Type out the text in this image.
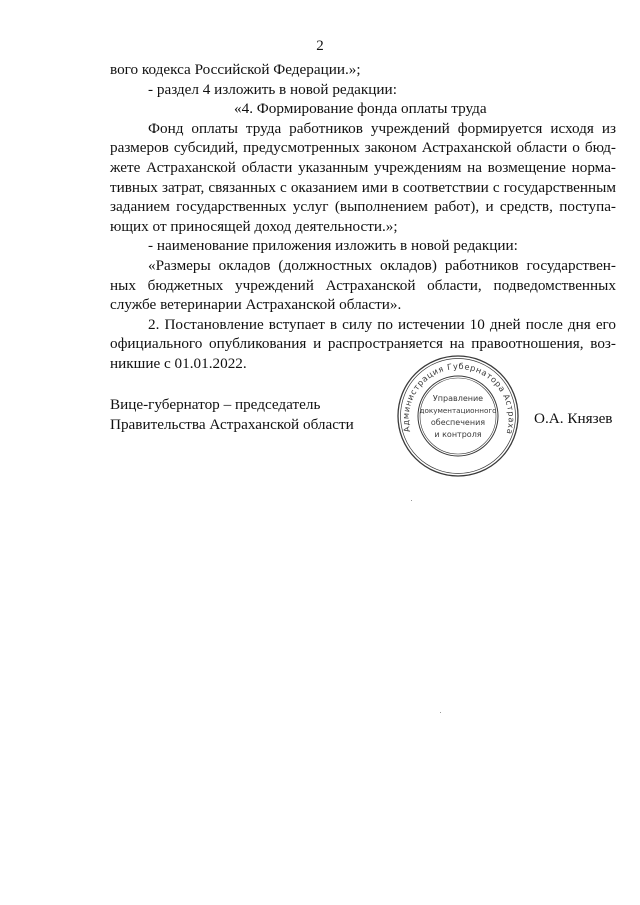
2
вого кодекса Российской Федерации.»;
- раздел 4 изложить в новой редакции:
«4. Формирование фонда оплаты труда
Фонд оплаты труда работников учреждений формируется исходя из
размеров субсидий, предусмотренных законом Астраханской области о бюд-
жете Астраханской области указанным учреждениям на возмещение норма-
тивных затрат, связанных с оказанием ими в соответствии с государственным
заданием государственных услуг (выполнением работ), и средств, поступа-
ющих от приносящей доход деятельности.»;
- наименование приложения изложить в новой редакции:
«Размеры окладов (должностных окладов) работников государствен-
ных бюджетных учреждений Астраханской области, подведомственных
службе ветеринарии Астраханской области».
2. Постановление вступает в силу по истечении 10 дней после дня его
официального опубликования и распространяется на правоотношения, воз-
никшие с 01.01.2022.
Вице-губернатор – председатель
Правительства Астраханской области	О.А. Князев
Администрация Губернатора Астраха
Управление
документационного
обеспечения
и контроля
